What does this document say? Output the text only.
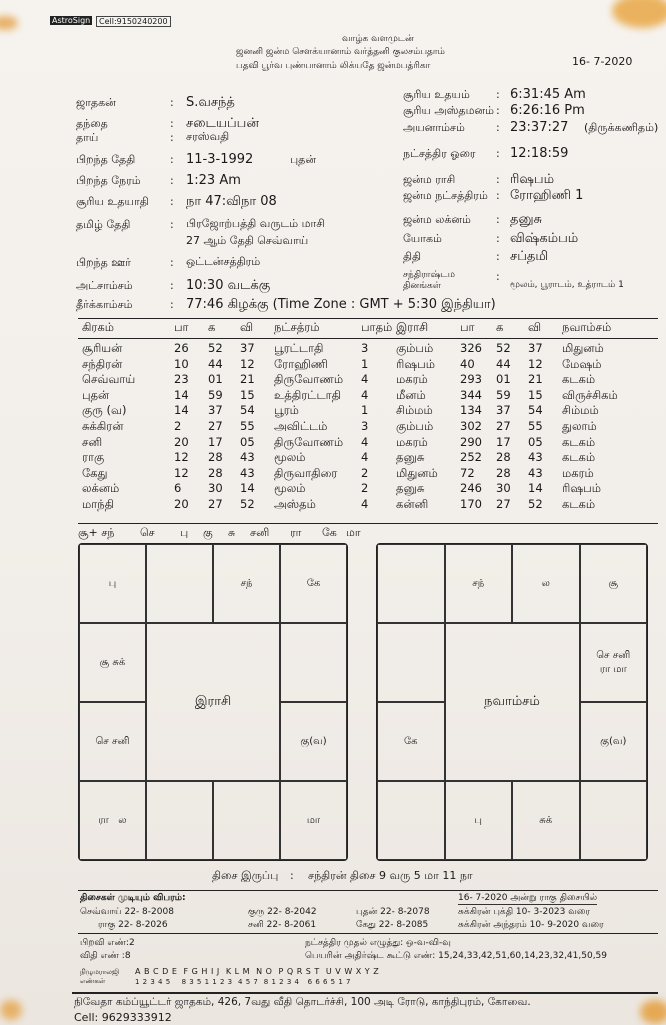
AstroSign	Cell:9150240200
வாழ்க வளமுடன்
ஜனனி ஜன்ம சௌக்யானாம் வர்த்தனி குலசம்பதாம்
பதவி பூர்வ புண்யானாம் லிக்யதே ஜன்மபத்ரிகா	16- 7-2020
ஜாதகன்	: S.வசந்த்
தந்தை	: சடையப்பன்
தாய்	: சரஸ்வதி
பிறந்த தேதி	: 11-3-1992	புதன்
பிறந்த நேரம்	: 1:23 Am
சூரிய உதயாதி : நா 47:விநா 08
தமிழ் தேதி	: பிரஜோற்பத்தி வருடம் மாசி
27 ஆம் தேதி செவ்வாய்
பிறந்த ஊர்	: ஒட்டன்சத்திரம்
அட்சாம்சம்	: 10:30 வடக்கு
தீர்க்காம்சம்	: 77:46 கிழக்கு (Time Zone : GMT + 5:30 இந்தியா)
சூரிய உதயம் : 6:31:45 Am
சூரிய அஸ்தமனம் : 6:26:16 Pm
அயனாம்சம்	: 23:37:27 (திருக்கணிதம்)
நட்சத்திர ஓரை : 12:18:59
ஜன்ம ராசி	: ரிஷபம்
ஜன்ம நட்சத்திரம் : ரோஹிணி 1
ஜன்ம லக்னம் : தனுசு
யோகம்	: விஷ்கம்பம்
திதி	: சப்தமி
சந்திராஷ்டம தினங்கள்
:
மூலம், பூராடம், உத்ராடம் 1
கிரகம்	பா க வி நட்சத்ரம்	பாதம் இராசி	பா க வி நவாம்சம்
சூரியன்	26 52 37 பூரட்டாதி	3 கும்பம் 326 52 37 மிதுனம்
சந்திரன்	10 44 12 ரோஹிணி	1 ரிஷபம் 40 44 12 மேஷம்
செவ்வாய்	23 01 21 திருவோணம் 4 மகரம்	293 01 21 கடகம்
புதன்	14 59 15 உத்திரட்டாதி 4 மீனம்	344 59 15 விருச்சிகம்
குரு (வ)	14 37 54 பூரம்	1 சிம்மம் 134 37 54 சிம்மம்
சுக்கிரன்	2 27 55 அவிட்டம்	3 கும்பம் 302 27 55 துலாம்
சனி	20 17 05 திருவோணம் 4 மகரம்	290 17 05 கடகம்
ராகு	12 28 43 மூலம்	4 தனுசு	252 28 43 கடகம்
கேது	12 28 43 திருவாதிரை 2 மிதுனம் 72 28 43 மகரம்
லக்னம்	6 30 14 மூலம்	2 தனுசு	246 30 14 ரிஷபம்
மாந்தி	20 27 52 அஸ்தம்	4 கன்னி	170 27 52 கடகம்
சூ+ சந் செ பு கு சு சனி ரா கே மா
பு	சந்	கே
சூ சுக்
செ சனி	கு(வ)
ரா   ல	மா
இராசி
சந்	ல	சூ
செ சனி
ரா மா
கே	கு(வ)
பு	சுக்
நவாம்சம்
திசை இருப்பு : சந்திரன் திசை 9 வரு 5 மா 11 நா
திசைகள் முடியும் விபரம்:
செவ்வாய் 22- 8-2008
ராகு 22- 8-2026
குரு 22- 8-2042
சனி 22- 8-2061
புதன் 22- 8-2078
கேது 22- 8-2085
16- 7-2020 அன்று ராகு திசையில்
சுக்கிரன் புக்தி 10- 3-2023 வரை
சுக்கிரன் அந்தரம் 10- 9-2020 வரை
பிறவி எண்:2
விதி எண் :8
நட்சத்திர முதல் எழுத்து: ஒ-வ-வி-வு
பெயரின் அதிர்ஷ்ட கூட்டு எண்: 15,24,33,42,51,60,14,23,32,41,50,59
நிழுமராலஜி
எண்கள்
A B C D E  F G H I J  K L M  N O  P Q R S T  U V W X Y Z
1 2 3 4 5    8 3 5 1 1 2 3  4 5 7  8 1 2 3 4   6 6 6 5 1 7
நிவேதா கம்ப்யூட்டர் ஜாதகம், 426, 7வது வீதி தொடர்ச்சி, 100 அடி ரோடு, காந்திபுரம், கோவை.
Cell: 9629333912
